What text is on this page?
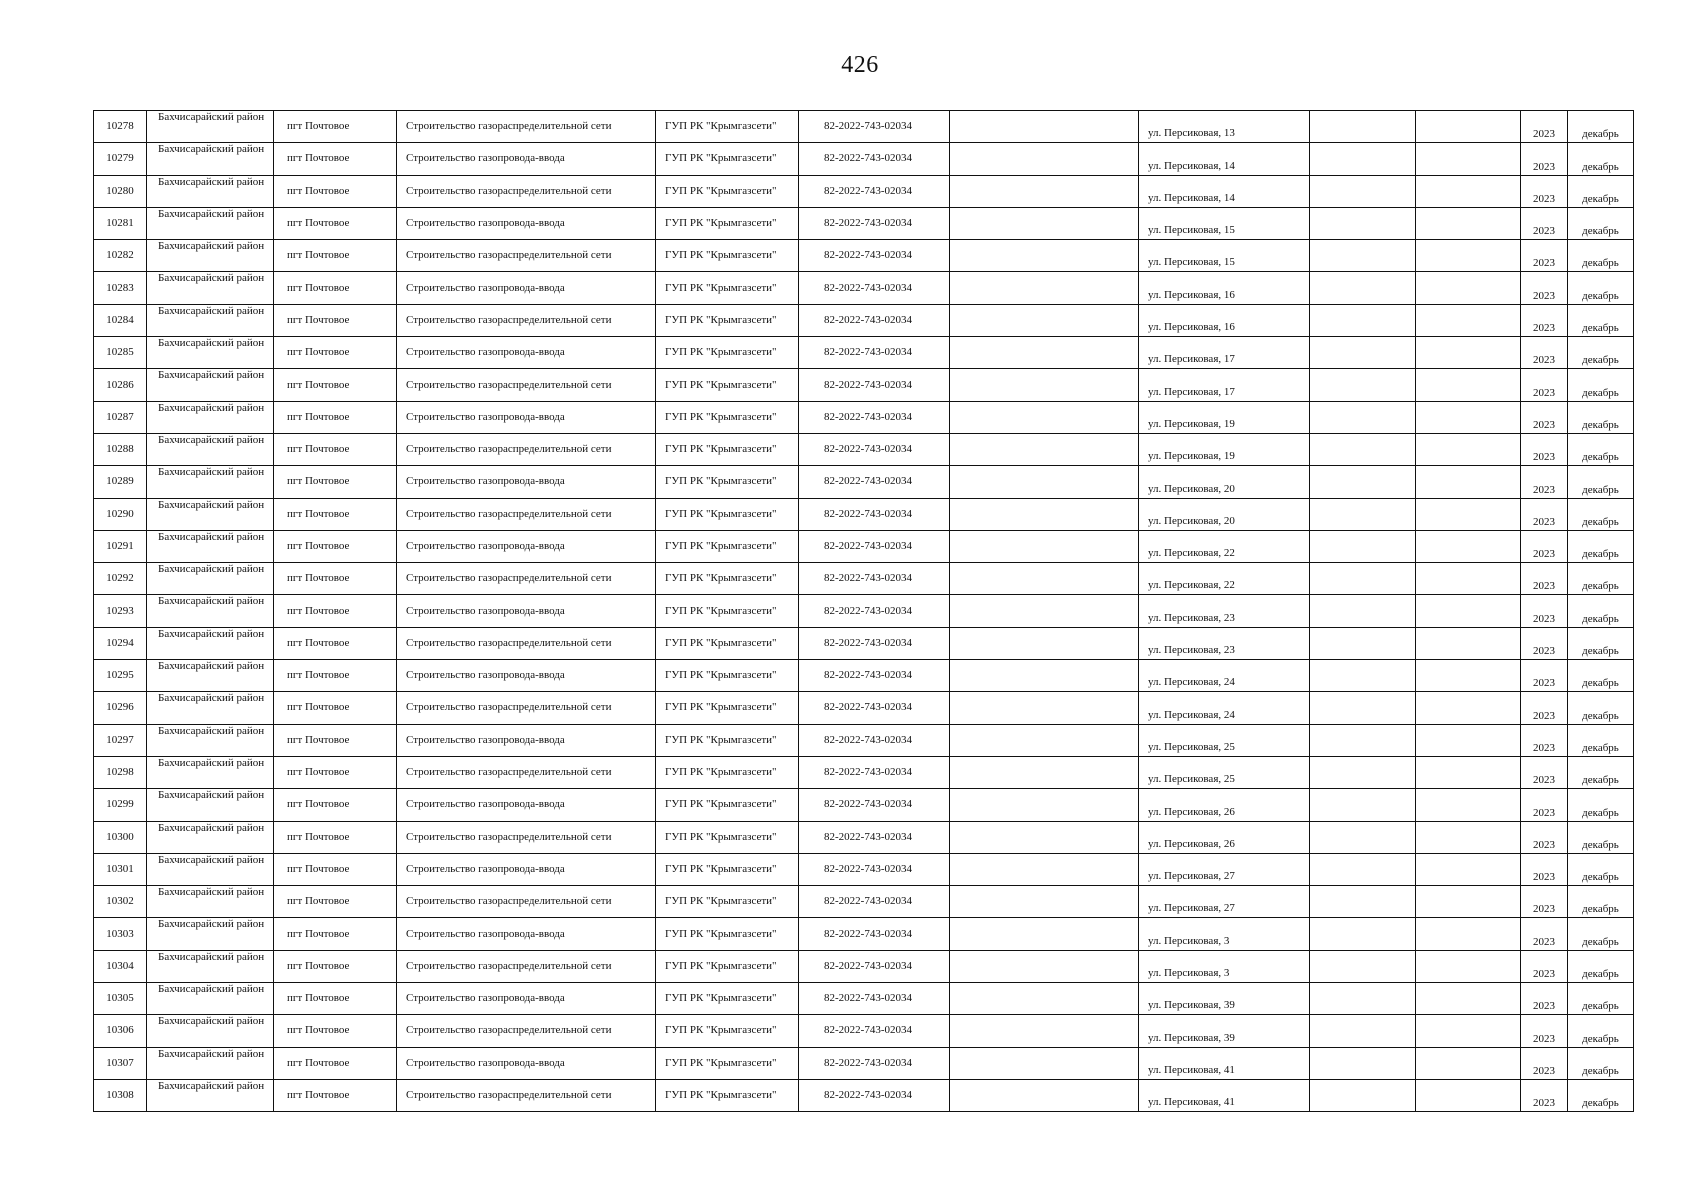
426
10278	Бахчисарайский район	пгт Почтовое	Строительство газораспределительной сети	ГУП РК "Крымгазсети"	82-2022-743-02034		ул. Персиковая, 13			2023	декабрь
10279	Бахчисарайский район	пгт Почтовое	Строительство газопровода-ввода	ГУП РК "Крымгазсети"	82-2022-743-02034		ул. Персиковая, 14			2023	декабрь
10280	Бахчисарайский район	пгт Почтовое	Строительство газораспределительной сети	ГУП РК "Крымгазсети"	82-2022-743-02034		ул. Персиковая, 14			2023	декабрь
10281	Бахчисарайский район	пгт Почтовое	Строительство газопровода-ввода	ГУП РК "Крымгазсети"	82-2022-743-02034		ул. Персиковая, 15			2023	декабрь
10282	Бахчисарайский район	пгт Почтовое	Строительство газораспределительной сети	ГУП РК "Крымгазсети"	82-2022-743-02034		ул. Персиковая, 15			2023	декабрь
10283	Бахчисарайский район	пгт Почтовое	Строительство газопровода-ввода	ГУП РК "Крымгазсети"	82-2022-743-02034		ул. Персиковая, 16			2023	декабрь
10284	Бахчисарайский район	пгт Почтовое	Строительство газораспределительной сети	ГУП РК "Крымгазсети"	82-2022-743-02034		ул. Персиковая, 16			2023	декабрь
10285	Бахчисарайский район	пгт Почтовое	Строительство газопровода-ввода	ГУП РК "Крымгазсети"	82-2022-743-02034		ул. Персиковая, 17			2023	декабрь
10286	Бахчисарайский район	пгт Почтовое	Строительство газораспределительной сети	ГУП РК "Крымгазсети"	82-2022-743-02034		ул. Персиковая, 17			2023	декабрь
10287	Бахчисарайский район	пгт Почтовое	Строительство газопровода-ввода	ГУП РК "Крымгазсети"	82-2022-743-02034		ул. Персиковая, 19			2023	декабрь
10288	Бахчисарайский район	пгт Почтовое	Строительство газораспределительной сети	ГУП РК "Крымгазсети"	82-2022-743-02034		ул. Персиковая, 19			2023	декабрь
10289	Бахчисарайский район	пгт Почтовое	Строительство газопровода-ввода	ГУП РК "Крымгазсети"	82-2022-743-02034		ул. Персиковая, 20			2023	декабрь
10290	Бахчисарайский район	пгт Почтовое	Строительство газораспределительной сети	ГУП РК "Крымгазсети"	82-2022-743-02034		ул. Персиковая, 20			2023	декабрь
10291	Бахчисарайский район	пгт Почтовое	Строительство газопровода-ввода	ГУП РК "Крымгазсети"	82-2022-743-02034		ул. Персиковая, 22			2023	декабрь
10292	Бахчисарайский район	пгт Почтовое	Строительство газораспределительной сети	ГУП РК "Крымгазсети"	82-2022-743-02034		ул. Персиковая, 22			2023	декабрь
10293	Бахчисарайский район	пгт Почтовое	Строительство газопровода-ввода	ГУП РК "Крымгазсети"	82-2022-743-02034		ул. Персиковая, 23			2023	декабрь
10294	Бахчисарайский район	пгт Почтовое	Строительство газораспределительной сети	ГУП РК "Крымгазсети"	82-2022-743-02034		ул. Персиковая, 23			2023	декабрь
10295	Бахчисарайский район	пгт Почтовое	Строительство газопровода-ввода	ГУП РК "Крымгазсети"	82-2022-743-02034		ул. Персиковая, 24			2023	декабрь
10296	Бахчисарайский район	пгт Почтовое	Строительство газораспределительной сети	ГУП РК "Крымгазсети"	82-2022-743-02034		ул. Персиковая, 24			2023	декабрь
10297	Бахчисарайский район	пгт Почтовое	Строительство газопровода-ввода	ГУП РК "Крымгазсети"	82-2022-743-02034		ул. Персиковая, 25			2023	декабрь
10298	Бахчисарайский район	пгт Почтовое	Строительство газораспределительной сети	ГУП РК "Крымгазсети"	82-2022-743-02034		ул. Персиковая, 25			2023	декабрь
10299	Бахчисарайский район	пгт Почтовое	Строительство газопровода-ввода	ГУП РК "Крымгазсети"	82-2022-743-02034		ул. Персиковая, 26			2023	декабрь
10300	Бахчисарайский район	пгт Почтовое	Строительство газораспределительной сети	ГУП РК "Крымгазсети"	82-2022-743-02034		ул. Персиковая, 26			2023	декабрь
10301	Бахчисарайский район	пгт Почтовое	Строительство газопровода-ввода	ГУП РК "Крымгазсети"	82-2022-743-02034		ул. Персиковая, 27			2023	декабрь
10302	Бахчисарайский район	пгт Почтовое	Строительство газораспределительной сети	ГУП РК "Крымгазсети"	82-2022-743-02034		ул. Персиковая, 27			2023	декабрь
10303	Бахчисарайский район	пгт Почтовое	Строительство газопровода-ввода	ГУП РК "Крымгазсети"	82-2022-743-02034		ул. Персиковая, 3			2023	декабрь
10304	Бахчисарайский район	пгт Почтовое	Строительство газораспределительной сети	ГУП РК "Крымгазсети"	82-2022-743-02034		ул. Персиковая, 3			2023	декабрь
10305	Бахчисарайский район	пгт Почтовое	Строительство газопровода-ввода	ГУП РК "Крымгазсети"	82-2022-743-02034		ул. Персиковая, 39			2023	декабрь
10306	Бахчисарайский район	пгт Почтовое	Строительство газораспределительной сети	ГУП РК "Крымгазсети"	82-2022-743-02034		ул. Персиковая, 39			2023	декабрь
10307	Бахчисарайский район	пгт Почтовое	Строительство газопровода-ввода	ГУП РК "Крымгазсети"	82-2022-743-02034		ул. Персиковая, 41			2023	декабрь
10308	Бахчисарайский район	пгт Почтовое	Строительство газораспределительной сети	ГУП РК "Крымгазсети"	82-2022-743-02034		ул. Персиковая, 41			2023	декабрь
